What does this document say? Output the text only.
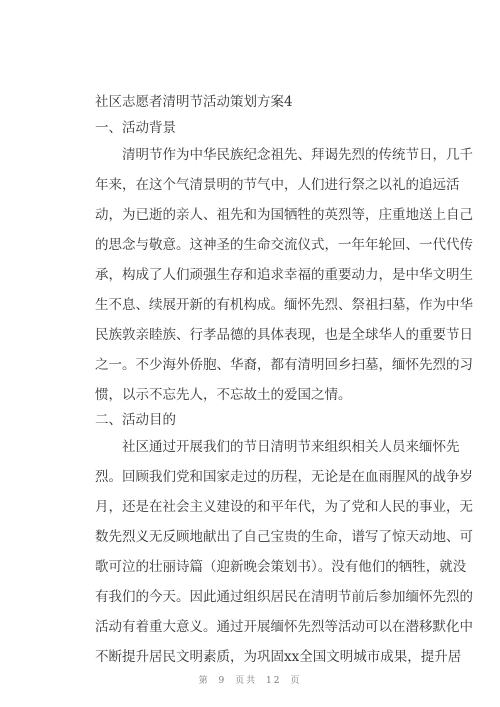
社区志愿者清明节活动策划方案4
一、活动背景
　　清明节作为中华民族纪念祖先、拜谒先烈的传统节日，几千
年来，在这个气清景明的节气中，人们进行祭之以礼的追远活
动，为已逝的亲人、祖先和为国牺牲的英烈等，庄重地送上自己
的思念与敬意。这神圣的生命交流仪式，一年年轮回、一代代传
承，构成了人们顽强生存和追求幸福的重要动力，是中华文明生
生不息、续展开新的有机构成。缅怀先烈、祭祖扫墓，作为中华
民族敦亲睦族、行孝品德的具体表现，也是全球华人的重要节日
之一。不少海外侨胞、华裔，都有清明回乡扫墓，缅怀先烈的习
惯，以示不忘先人，不忘故土的爱国之情。
二、活动目的
　　社区通过开展我们的节日清明节来组织相关人员来缅怀先
烈。回顾我们党和国家走过的历程，无论是在血雨腥风的战争岁
月，还是在社会主义建设的和平年代，为了党和人民的事业，无
数先烈义无反顾地献出了自己宝贵的生命，谱写了惊天动地、可
歌可泣的壮丽诗篇（迎新晚会策划书）。没有他们的牺牲，就没
有我们的今天。因此通过组织居民在清明节前后参加缅怀先烈的
活动有着重大意义。通过开展缅怀先烈等活动可以在潜移默化中
不断提升居民文明素质，为巩固xx全国文明城市成果，提升居
第 9 页共 12 页
